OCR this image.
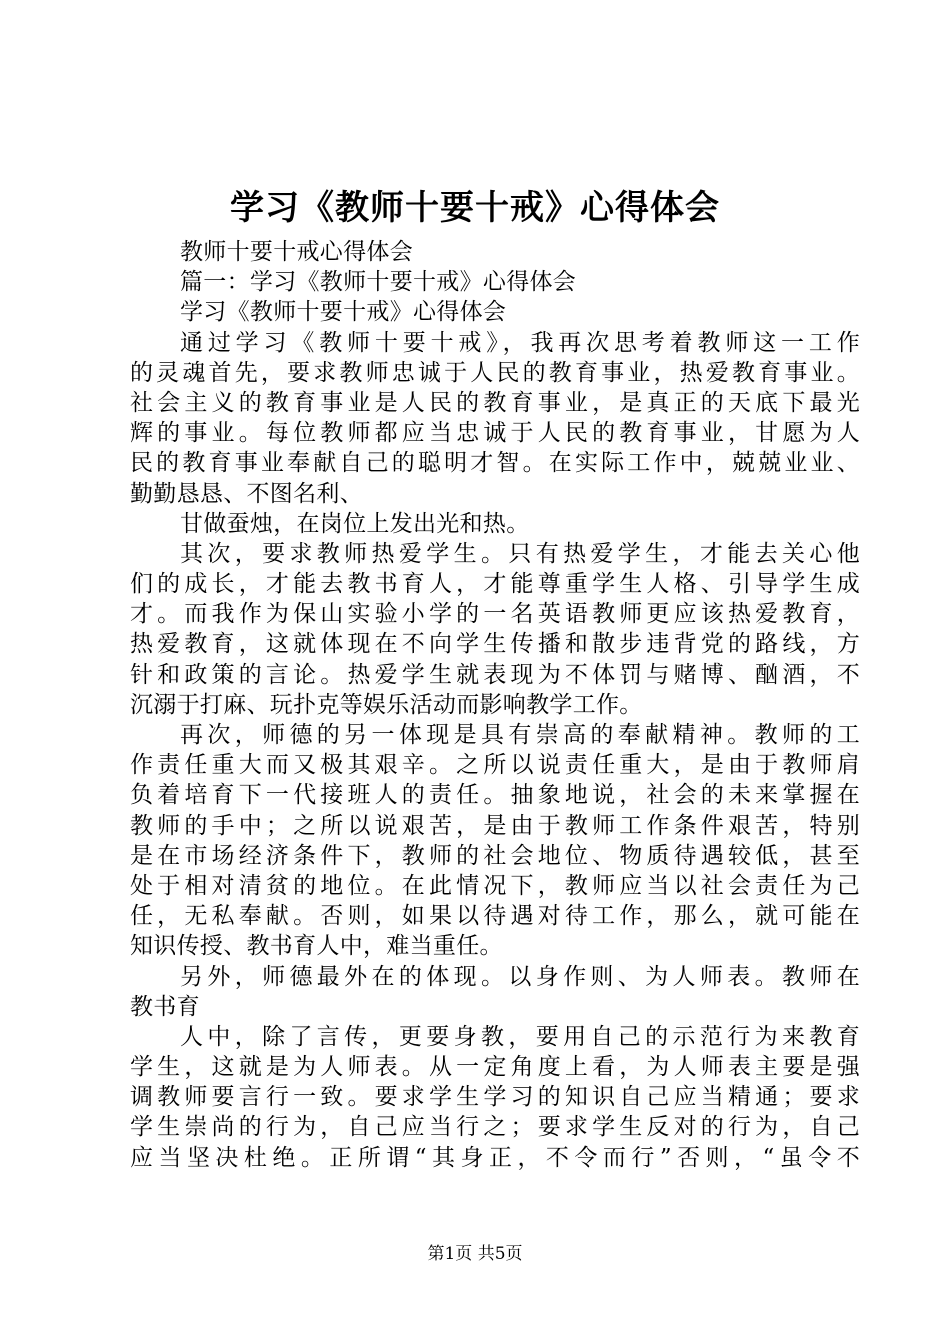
学习《教师十要十戒》心得体会
教师十要十戒心得体会
篇一：学习《教师十要十戒》心得体会
学习《教师十要十戒》心得体会
通过学习《教师十要十戒》，我再次思考着教师这一工作
的灵魂首先，要求教师忠诚于人民的教育事业，热爱教育事业。
社会主义的教育事业是人民的教育事业，是真正的天底下最光
辉的事业。每位教师都应当忠诚于人民的教育事业，甘愿为人
民的教育事业奉献自己的聪明才智。在实际工作中，兢兢业业、
勤勤恳恳、不图名利、
甘做蚕烛，在岗位上发出光和热。
其次，要求教师热爱学生。只有热爱学生，才能去关心他
们的成长，才能去教书育人，才能尊重学生人格、引导学生成
才。而我作为保山实验小学的一名英语教师更应该热爱教育，
热爱教育，这就体现在不向学生传播和散步违背党的路线，方
针和政策的言论。热爱学生就表现为不体罚与赌博、酗酒，不
沉溺于打麻、玩扑克等娱乐活动而影响教学工作。
再次，师德的另一体现是具有崇高的奉献精神。教师的工
作责任重大而又极其艰辛。之所以说责任重大，是由于教师肩
负着培育下一代接班人的责任。抽象地说，社会的未来掌握在
教师的手中；之所以说艰苦，是由于教师工作条件艰苦，特别
是在市场经济条件下，教师的社会地位、物质待遇较低，甚至
处于相对清贫的地位。在此情况下，教师应当以社会责任为己
任，无私奉献。否则，如果以待遇对待工作，那么，就可能在
知识传授、教书育人中，难当重任。
另外，师德最外在的体现。以身作则、为人师表。教师在
教书育
人中，除了言传，更要身教，要用自己的示范行为来教育
学生，这就是为人师表。从一定角度上看，为人师表主要是强
调教师要言行一致。要求学生学习的知识自己应当精通；要求
学生崇尚的行为，自己应当行之；要求学生反对的行为，自己
应当坚决杜绝。正所谓“其身正，不令而行”否则，“虽令不
第1页 共5页
